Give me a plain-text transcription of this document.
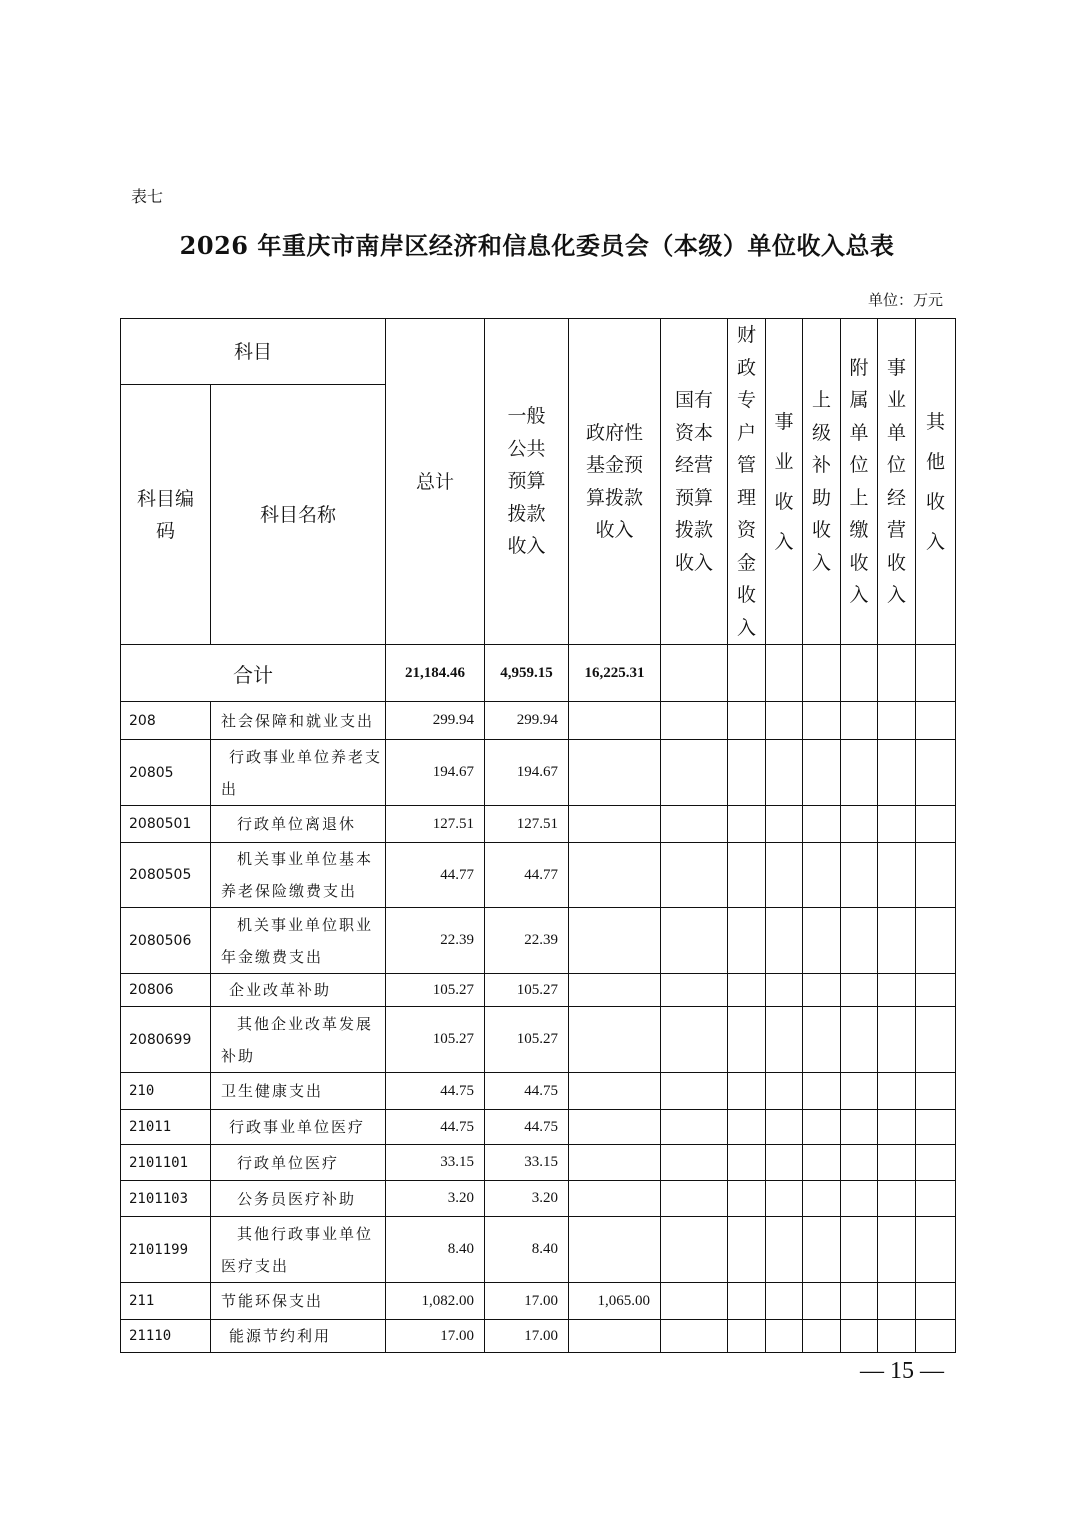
表七
2026 年重庆市南岸区经济和信息化委员会（本级）单位收入总表
单位：万元
科目		总计	一般公共预算拨款收入	政府性基金预算拨款收入	国有资本经营预算拨款收入	财政专户管理资金收入	事业收入	上级补助收入	附属单位上缴收入	事业单位经营收入	其他收入
科目编码	科目名称										
合计		21,184.46	4,959.15	16,225.31							
208	社会保障和就业支出	299.94	299.94								
20805	行政事业单位养老支出	194.67	194.67								
2080501	行政单位离退休	127.51	127.51								
2080505	机关事业单位基本养老保险缴费支出	44.77	44.77								
2080506	机关事业单位职业年金缴费支出	22.39	22.39								
20806	企业改革补助	105.27	105.27								
2080699	其他企业改革发展补助	105.27	105.27								
210	卫生健康支出	44.75	44.75								
21011	行政事业单位医疗	44.75	44.75								
2101101	行政单位医疗	33.15	33.15								
2101103	公务员医疗补助	3.20	3.20								
2101199	其他行政事业单位医疗支出	8.40	8.40								
211	节能环保支出	1,082.00	17.00	1,065.00							
21110	能源节约利用	17.00	17.00								
— 15 —
